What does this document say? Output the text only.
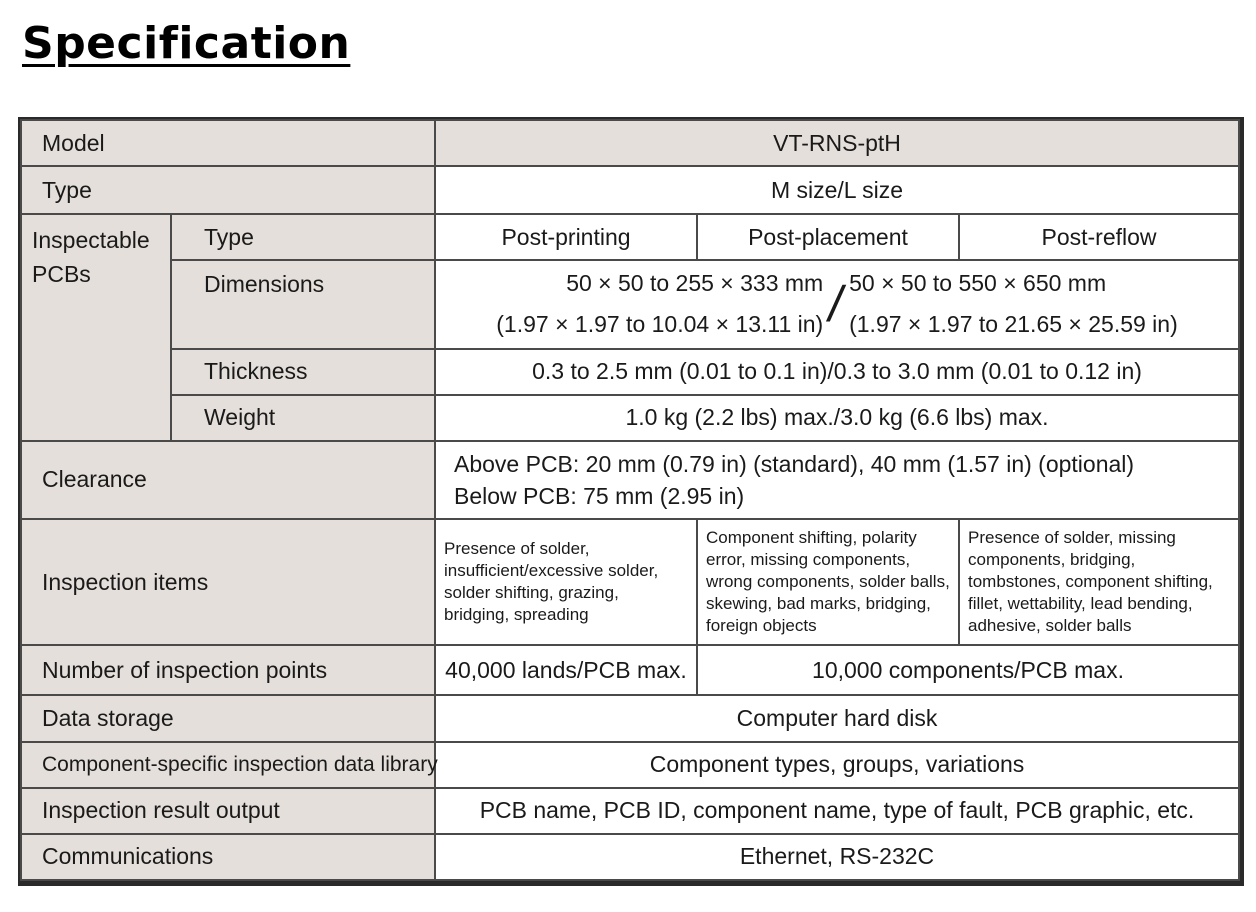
Specification
Model		VT-RNS-ptH		
Type		M size/L size		
Inspectable PCBs	Type	Post-printing	Post-placement	Post-reflow
	Dimensions	50 × 50 to 255 × 333 mm
(1.97 × 1.97 to 10.04 × 13.11 in) / 50 × 50 to 550 × 650 mm
(1.97 × 1.97 to 21.65 × 25.59 in)		

	Thickness	0.3 to 2.5 mm (0.01 to 0.1 in)/0.3 to 3.0 mm (0.01 to 0.12 in)		
	Weight	1.0 kg (2.2 lbs) max./3.0 kg (6.6 lbs) max.		
Clearance		Above PCB: 20 mm (0.79 in) (standard), 40 mm (1.57 in) (optional)
Below PCB: 75 mm (2.95 in)		

Inspection items		Presence of solder, insufficient/excessive solder, solder shifting, grazing, bridging, spreading	Component shifting, polarity error, missing components, wrong components, solder balls, skewing, bad marks, bridging, foreign objects	Presence of solder, missing components, bridging, tombstones, component shifting, fillet, wettability, lead bending, adhesive, solder balls
Number of inspection points		40,000 lands/PCB max.	10,000 components/PCB max.	
Data storage		Computer hard disk		
Component-specific inspection data library		Component types, groups, variations		
Inspection result output		PCB name, PCB ID, component name, type of fault, PCB graphic, etc.		
Communications		Ethernet, RS-232C		
